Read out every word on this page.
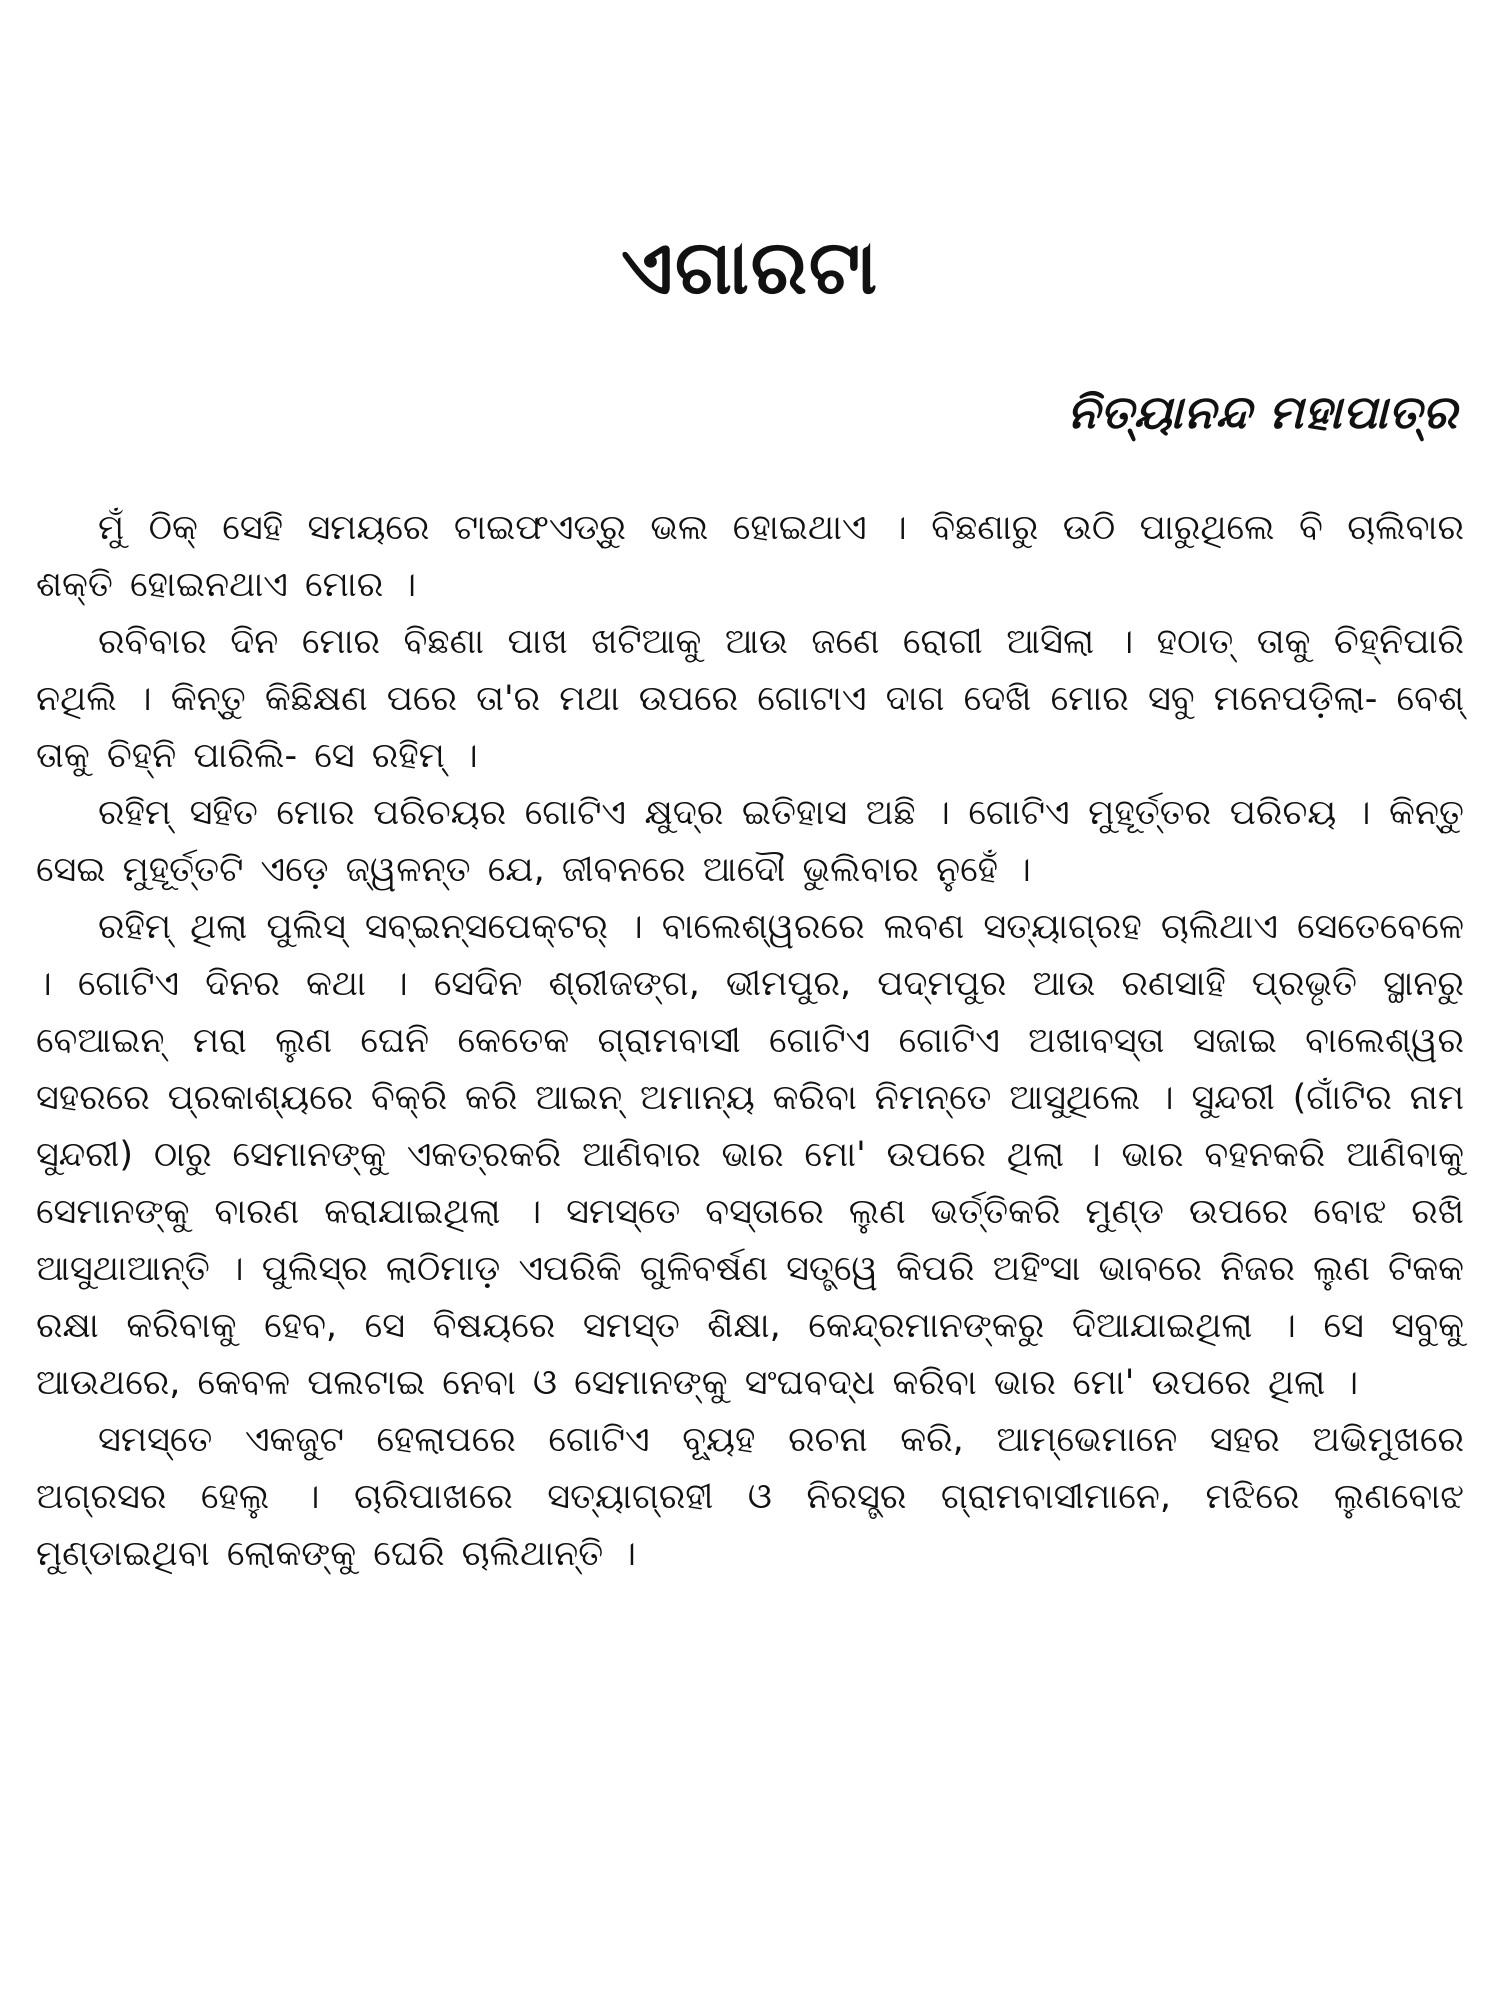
ଏଗାରଟା
ନିତ୍ୟାନନ୍ଦ ମହାପାତ୍ର

ମୁଁ ଠିକ୍ ସେହି ସମୟରେ ଟାଇଫଏଡ୍‌ରୁ ଭଲ ହୋଇଥାଏ । ବିଛଣାରୁ ଉଠି ପାରୁଥିଲେ ବି ଚାଲିବାର ଶକ୍ତି ହୋଇନଥାଏ ମୋର ।

ରବିବାର ଦିନ ମୋର ବିଛଣା ପାଖ ଖଟିଆକୁ ଆଉ ଜଣେ ରୋଗୀ ଆସିଲା । ହଠାତ୍ ତାକୁ ଚିହ୍ନିପାରି ନଥିଲି । କିନ୍ତୁ କିଛିକ୍ଷଣ ପରେ ତା'ର ମଥା ଉପରେ ଗୋଟାଏ ଦାଗ ଦେଖି ମୋର ସବୁ ମନେପଡ଼ିଲା- ବେଶ୍ ତାକୁ ଚିହ୍ନି ପାରିଲି- ସେ ରହିମ୍ ।

ରହିମ୍ ସହିତ ମୋର ପରିଚୟର ଗୋଟିଏ କ୍ଷୁଦ୍ର ଇତିହାସ ଅଛି । ଗୋଟିଏ ମୁହୂର୍ତ୍ତର ପରିଚୟ । କିନ୍ତୁ ସେଇ ମୁହୂର୍ତ୍ତଟି ଏଡ଼େ ଜ୍ୱଳନ୍ତ ଯେ, ଜୀବନରେ ଆଦୌ ଭୁଲିବାର ନୁହେଁ ।

ରହିମ୍ ଥିଲା ପୁଲିସ୍ ସବ୍‌ଇନ୍‌ସପେକ୍ଟର୍ । ବାଲେଶ୍ୱରରେ ଲବଣ ସତ୍ୟାଗ୍ରହ ଚାଲିଥାଏ ସେତେବେଳେ । ଗୋଟିଏ ଦିନର କଥା । ସେଦିନ ଶ୍ରୀଜଙ୍ଗ, ଭୀମପୁର, ପଦ୍ମପୁର ଆଉ ରଣସାହି ପ୍ରଭୃତି ସ୍ଥାନରୁ ବେଆଇନ୍ ମରା ଲୁଣ ଘେନି କେତେକ ଗ୍ରାମବାସୀ ଗୋଟିଏ ଗୋଟିଏ ଅଖାବସ୍ତା ସଜାଇ ବାଲେଶ୍ୱର ସହରରେ ପ୍ରକାଶ୍ୟରେ ବିକ୍ରି କରି ଆଇନ୍ ଅମାନ୍ୟ କରିବା ନିମନ୍ତେ ଆସୁଥିଲେ । ସୁନ୍ଦରୀ (ଗାଁଟିର ନାମ ସୁନ୍ଦରୀ) ଠାରୁ ସେମାନଙ୍କୁ ଏକତ୍ରକରି ଆଣିବାର ଭାର ମୋ' ଉପରେ ଥିଲା । ଭାର ବହନକରି ଆଣିବାକୁ ସେମାନଙ୍କୁ ବାରଣ କରାଯାଇଥିଲା । ସମସ୍ତେ ବସ୍ତାରେ ଲୁଣ ଭର୍ତ୍ତିକରି ମୁଣ୍ଡ ଉପରେ ବୋଝ ରଖି ଆସୁଥାଆନ୍ତି । ପୁଲିସ୍‌ର ଲାଠିମାଡ଼ ଏପରିକି ଗୁଳିବର୍ଷଣ ସତ୍ତ୍ୱେ କିପରି ଅହିଂସା ଭାବରେ ନିଜର ଲୁଣ ଟିକକ ରକ୍ଷା କରିବାକୁ ହେବ, ସେ ବିଷୟରେ ସମସ୍ତ ଶିକ୍ଷା, କେନ୍ଦ୍ରମାନଙ୍କରୁ ଦିଆଯାଇଥିଲା । ସେ ସବୁକୁ ଆଉଥରେ, କେବଳ ପଲଟାଇ ନେବା ଓ ସେମାନଙ୍କୁ ସଂଘବଦ୍ଧ କରିବା ଭାର ମୋ' ଉପରେ ଥିଲା ।

ସମସ୍ତେ ଏକଜୁଟ ହେଲାପରେ ଗୋଟିଏ ବ୍ୟୂହ ରଚନା କରି, ଆମ୍ଭେମାନେ ସହର ଅଭିମୁଖରେ ଅଗ୍ରସର ହେଲୁ । ଚାରିପାଖରେ ସତ୍ୟାଗ୍ରହୀ ଓ ନିରସ୍ତ୍ର ଗ୍ରାମବାସୀମାନେ, ମଝିରେ ଲୁଣବୋଝ ମୁଣ୍ଡାଇଥିବା ଲୋକଙ୍କୁ ଘେରି ଚାଲିଥାନ୍ତି ।
